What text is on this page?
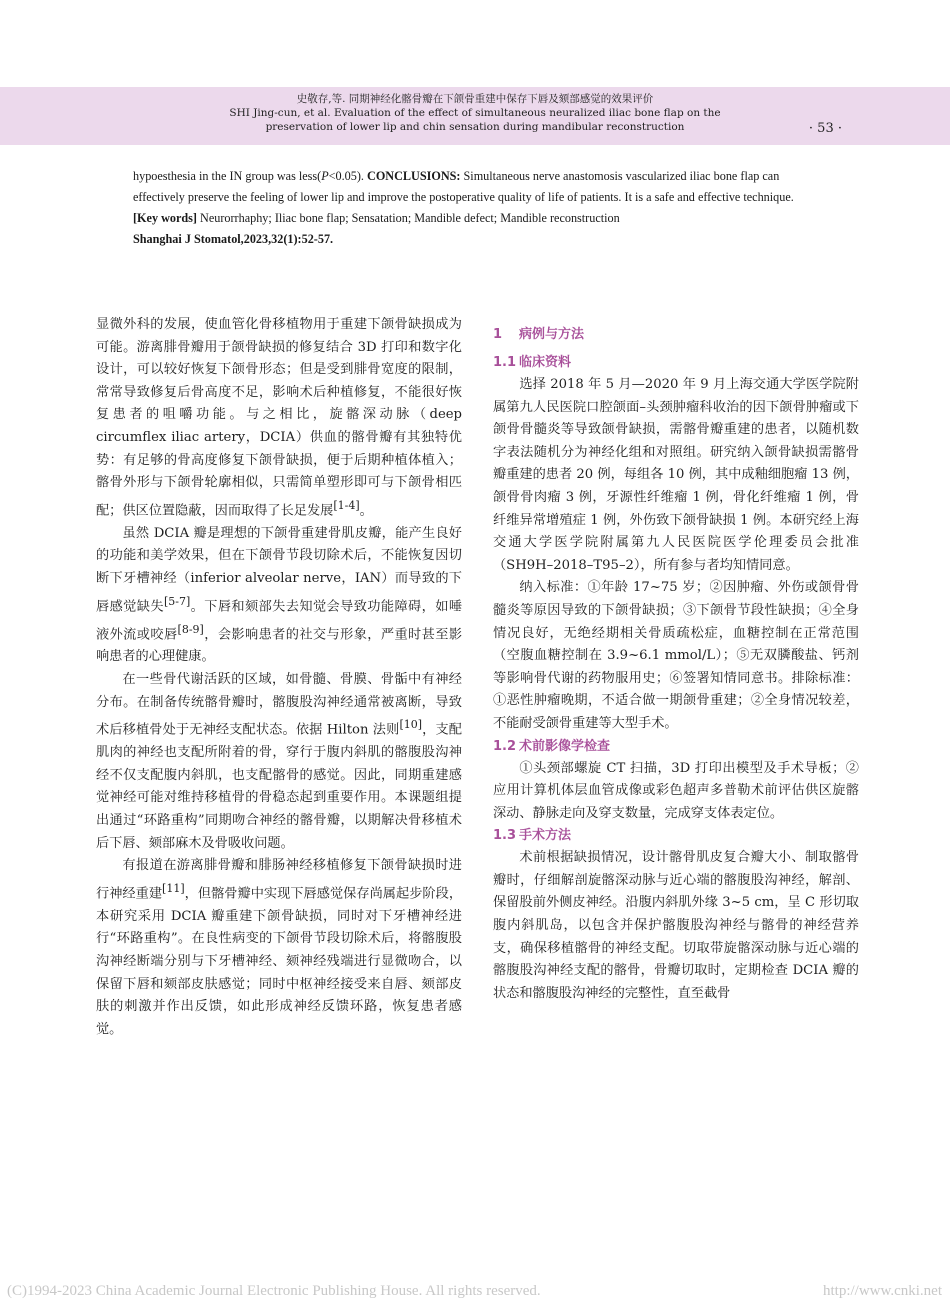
史敬存,等. 同期神经化髂骨瓣在下颌骨重建中保存下唇及颏部感觉的效果评价
SHI Jing-cun, et al. Evaluation of the effect of simultaneous neuralized iliac bone flap on the
preservation of lower lip and chin sensation during mandibular reconstruction	· 53 ·

hypoesthesia in the IN group was less(P<0.05). CONCLUSIONS: Simultaneous nerve anastomosis vascularized iliac bone flap can effectively preserve the feeling of lower lip and improve the postoperative quality of life of patients. It is a safe and effective technique.

[Key words] Neurorrhaphy; Iliac bone flap; Sensatation; Mandible defect; Mandible reconstruction

Shanghai J Stomatol,2023,32(1):52-57.

显微外科的发展，使血管化骨移植物用于重建下颌骨缺损成为可能。游离腓骨瓣用于颌骨缺损的修复结合 3D 打印和数字化设计，可以较好恢复下颌骨形态；但是受到腓骨宽度的限制，常常导致修复后骨高度不足，影响术后种植修复，不能很好恢复患者的咀嚼功能。与之相比，旋髂深动脉（deep circumflex iliac artery，DCIA）供血的髂骨瓣有其独特优势：有足够的骨高度修复下颌骨缺损，便于后期种植体植入；髂骨外形与下颌骨轮廓相似，只需简单塑形即可与下颌骨相匹配；供区位置隐蔽，因而取得了长足发展[1-4]。

虽然 DCIA 瓣是理想的下颌骨重建骨肌皮瓣，能产生良好的功能和美学效果，但在下颌骨节段切除术后，不能恢复因切断下牙槽神经（inferior alveolar nerve，IAN）而导致的下唇感觉缺失[5-7]。下唇和颏部失去知觉会导致功能障碍，如唾液外流或咬唇[8-9]，会影响患者的社交与形象，严重时甚至影响患者的心理健康。

在一些骨代谢活跃的区域，如骨髓、骨膜、骨骺中有神经分布。在制备传统髂骨瓣时，髂腹股沟神经通常被离断，导致术后移植骨处于无神经支配状态。依据 Hilton 法则[10]，支配肌肉的神经也支配所附着的骨，穿行于腹内斜肌的髂腹股沟神经不仅支配腹内斜肌，也支配髂骨的感觉。因此，同期重建感觉神经可能对维持移植骨的骨稳态起到重要作用。本课题组提出通过“环路重构”同期吻合神经的髂骨瓣，以期解决骨移植术后下唇、颏部麻木及骨吸收问题。

有报道在游离腓骨瓣和腓肠神经移植修复下颌骨缺损时进行神经重建[11]，但髂骨瓣中实现下唇感觉保存尚属起步阶段，本研究采用 DCIA 瓣重建下颌骨缺损，同时对下牙槽神经进行“环路重构”。在良性病变的下颌骨节段切除术后，将髂腹股沟神经断端分别与下牙槽神经、颏神经残端进行显微吻合，以保留下唇和颏部皮肤感觉；同时中枢神经接受来自唇、颏部皮肤的刺激并作出反馈，如此形成神经反馈环路，恢复患者感觉。

1 病例与方法
1.1 临床资料

选择 2018 年 5 月—2020 年 9 月上海交通大学医学院附属第九人民医院口腔颌面–头颈肿瘤科收治的因下颌骨肿瘤或下颌骨骨髓炎等导致颌骨缺损，需髂骨瓣重建的患者，以随机数字表法随机分为神经化组和对照组。研究纳入颌骨缺损需髂骨瓣重建的患者 20 例，每组各 10 例，其中成釉细胞瘤 13 例，颌骨骨肉瘤 3 例，牙源性纤维瘤 1 例，骨化纤维瘤 1 例，骨纤维异常增殖症 1 例，外伤致下颌骨缺损 1 例。本研究经上海交通大学医学院附属第九人民医院医学伦理委员会批准（SH9H–2018–T95–2），所有参与者均知情同意。

纳入标准：①年龄 17~75 岁；②因肿瘤、外伤或颌骨骨髓炎等原因导致的下颌骨缺损；③下颌骨节段性缺损；④全身情况良好，无绝经期相关骨质疏松症，血糖控制在正常范围（空腹血糖控制在 3.9~6.1 mmol/L）；⑤无双膦酸盐、钙剂等影响骨代谢的药物服用史；⑥签署知情同意书。排除标准：①恶性肿瘤晚期，不适合做一期颌骨重建；②全身情况较差，不能耐受颌骨重建等大型手术。

1.2 术前影像学检查

①头颈部螺旋 CT 扫描，3D 打印出模型及手术导板；②应用计算机体层血管成像或彩色超声多普勒术前评估供区旋髂深动、静脉走向及穿支数量，完成穿支体表定位。

1.3 手术方法

术前根据缺损情况，设计髂骨肌皮复合瓣大小、制取髂骨瓣时，仔细解剖旋髂深动脉与近心端的髂腹股沟神经，解剖、保留股前外侧皮神经。沿腹内斜肌外缘 3~5 cm，呈 C 形切取腹内斜肌岛，以包含并保护髂腹股沟神经与髂骨的神经营养支，确保移植髂骨的神经支配。切取带旋髂深动脉与近心端的髂腹股沟神经支配的髂骨，骨瓣切取时，定期检查 DCIA 瓣的状态和髂腹股沟神经的完整性，直至截骨

(C)1994-2023 China Academic Journal Electronic Publishing House. All rights reserved.	http://www.cnki.net
